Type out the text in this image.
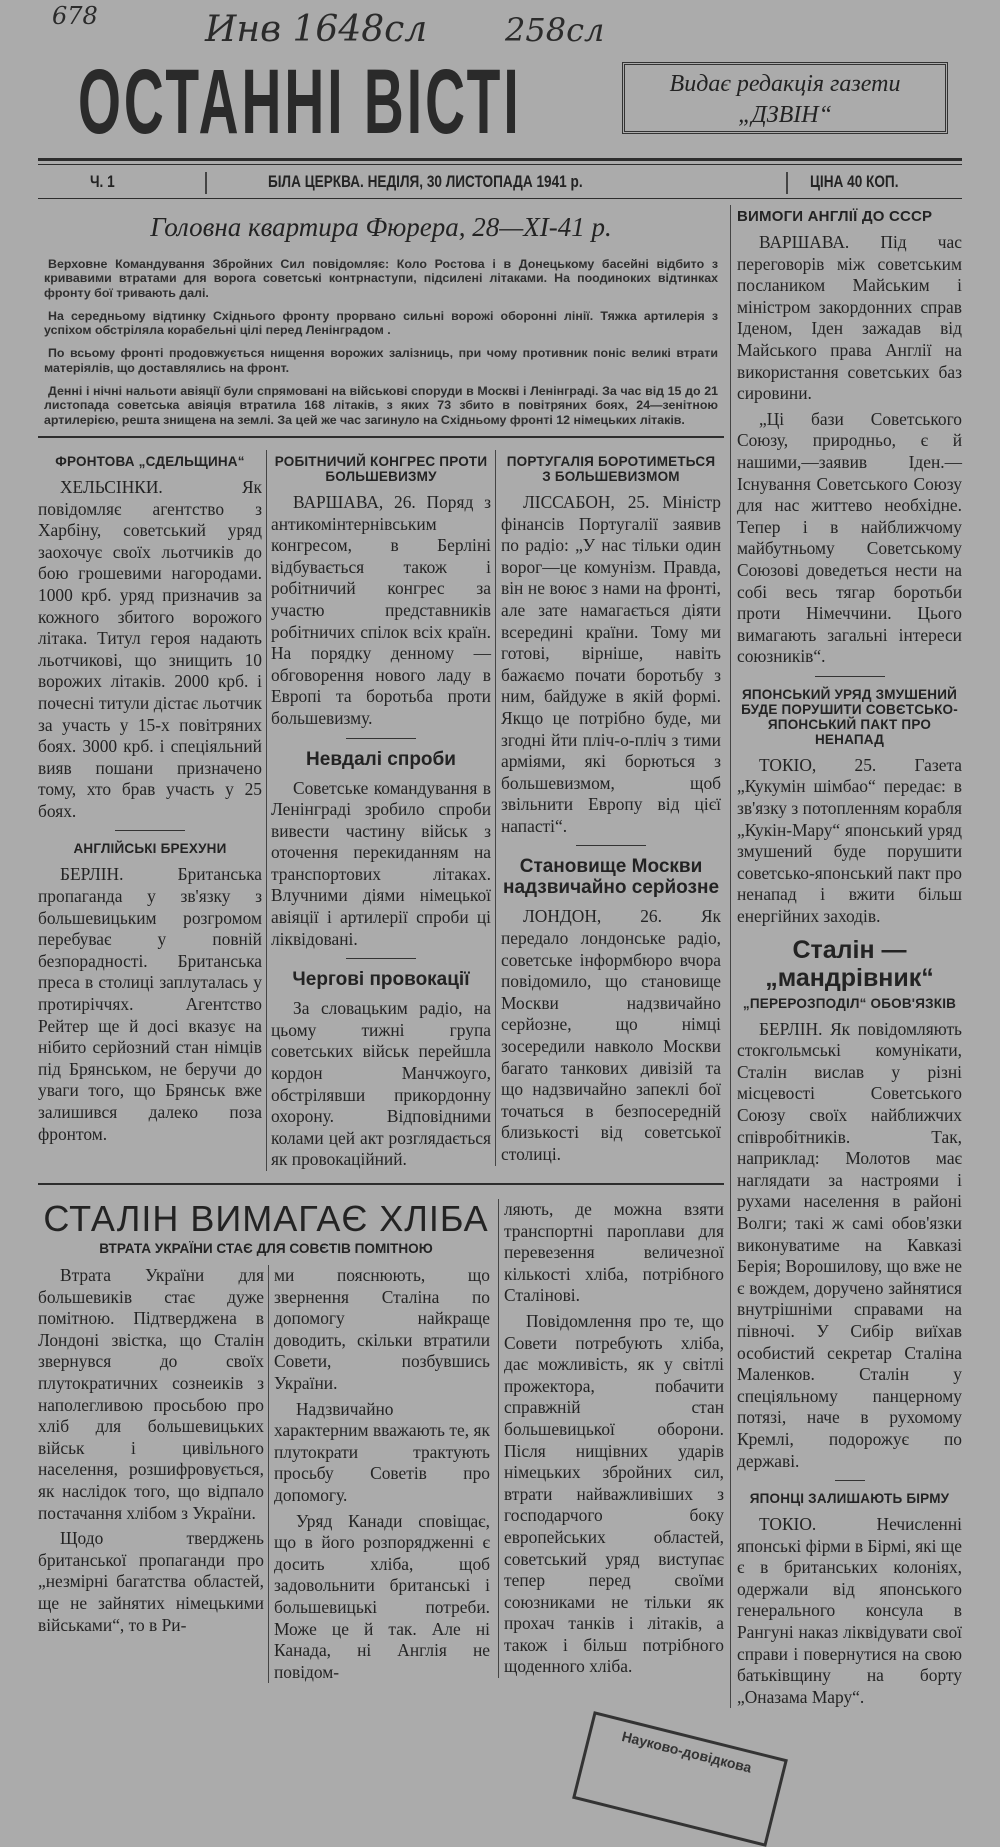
678	Инв 1648сл 258сл
ОСТАННІ ВІСТІ	Видає редакція газети
„ДЗВІН“
Ч. 1	БІЛА ЦЕРКВА. НЕДІЛЯ, 30 ЛИСТОПАДА 1941 р.	ЦІНА 40 КОП.
Головна квартира Фюрера, 28—XI-41 р.

Верховне Командування Збройних Сил повідомляє: Коло Ростова і в Донецькому басейні відбито з кривавими втратами для ворога советські контрнаступи, підсилені літаками. На поодиноких відтинках фронту бої тривають далі.

На середньому відтинку Східнього фронту прорвано сильні ворожі оборонні лінії. Тяжка артилерія з успіхом обстріляла корабельні цілі перед Ленінградом .

По всьому фронті продовжується нищення ворожих залізниць, при чому противник поніс великі втрати матеріялів, що доставлялись на фронт.

Денні і нічні нальоти авіяції були спрямовані на військові споруди в Москві і Ленінграді. За час від 15 до 21 листопада советська авіяція втратила 168 літаків, з яких 73 збито в повітряних боях, 24—зенітною артилерією, решта знищена на землі. За цей же час загинуло на Східньому фронті 12 німецьких літаків.

ФРОНТОВА „СДЕЛЬЩИНА“

ХЕЛЬСІНКИ. Як повідомляє агентство з Харбіну, советський уряд заохочує своїх льотчиків до бою грошевими нагородами. 1000 крб. уряд призначив за кожного збитого ворожого літака. Титул героя надають льотчикові, що знищить 10 ворожих літаків. 2000 крб. і почесні титули дістає льотчик за участь у 15-х повітряних боях. 3000 крб. і спеціяльний вияв пошани призначено тому, хто брав участь у 25 боях.

АНГЛІЙСЬКІ БРЕХУНИ

БЕРЛІН. Британська пропаганда у зв'язку з большевицьким розгромом перебуває у повній безпорадності. Британська преса в столиці заплуталась у протиріччях. Агентство Рейтер ще й досі вказує на нібито серйозний стан німців під Брянськом, не беручи до уваги того, що Брянськ вже залишився далеко поза фронтом.

РОБІТНИЧИЙ КОНГРЕС ПРОТИ БОЛЬШЕВИЗМУ

ВАРШАВА, 26. Поряд з антикомінтернівським конгресом, в Берліні відбувається також і робітничий конгрес за участю представників робітничих спілок всіх країн. На порядку денному — обговорення нового ладу в Европі та боротьба проти большевизму.

Невдалі спроби

Советське командування в Ленінграді зробило спроби вивести частину військ з оточення перекиданням на транспортових літаках. Влучними діями німецької авіяції і артилерії спроби ці ліквідовані.

Чергові провокації

За словацьким радіо, на цьому тижні група советських військ перейшла кордон Манчжоуго, обстрілявши прикордонну охорону. Відповідними колами цей акт розглядається як провокаційний.

ПОРТУГАЛІЯ БОРОТИМЕТЬСЯ З БОЛЬШЕВИЗМОМ

ЛІССАБОН, 25. Міністр фінансів Португалії заявив по радіо: „У нас тільки один ворог—це комунізм. Правда, він не воює з нами на фронті, але зате намагається діяти всередині країни. Тому ми готові, вірніше, навіть бажаємо почати боротьбу з ним, байдуже в якій формі. Якщо це потрібно буде, ми згодні йти пліч-о-пліч з тими арміями, які борються з большевизмом, щоб звільнити Европу від цієї напасті“.

Становище Москви надзвичайно серйозне

ЛОНДОН, 26. Як передало лондонське радіо, советське інформбюро вчора повідомило, що становище Москви надзвичайно серйозне, що німці зосередили навколо Москви багато танкових дивізій та що надзвичайно запеклі бої точаться в безпосередній близькості від советської столиці.

СТАЛІН ВИМАГАЄ ХЛІБА
ВТРАТА УКРАЇНИ СТАЄ ДЛЯ СОВЄТІВ ПОМІТНОЮ

Втрата України для большевиків стає дуже помітною. Підтверджена в Лондоні звістка, що Сталін звернувся до своїх плутократичних сознеиків з наполегливою просьбою про хліб для большевицьких військ і цивільного населення, розшифровується, як наслідок того, що відпало постачання хлібом з України.

Щодо тверджень британської пропаганди про „незмірні багатства областей, ще не зайнятих німецькими військами“, то в Ри-

ми пояснюють, що звернення Сталіна по допомогу найкраще доводить, скільки втратили Совети, позбувшись України.

Надзвичайно характерним вважають те, як плутократи трактують просьбу Советів про допомогу.

Уряд Канади сповіщає, що в його розпорядженні є досить хліба, щоб задовольнити британські і большевицькі потреби. Може це й так. Але ні Канада, ні Англія не повідом-

ляють, де можна взяти транспортні пароплави для перевезення величезної кількості хліба, потрібного Сталінові.

Повідомлення про те, що Совети потребують хліба, дає можливість, як у світлі прожектора, побачити справжній стан большевицької оборони. Після нищівних ударів німецьких збройних сил, втрати найважливіших з господарчого боку европейських областей, советський уряд виступає тепер перед своїми союзниками не тільки як прохач танків і літаків, а також і більш потрібного щоденного хліба.

ВИМОГИ АНГЛІЇ ДО СССР

ВАРШАВА. Під час переговорів між советським послаником Майським і міністром закордонних справ Іденом, Іден зажадав від Майського права Англії на використання советських баз сировини.

„Ці бази Советського Союзу, природньо, є й нашими,—заявив Іден.—Існування Советського Союзу для нас життево необхідне. Тепер і в найближчому майбутньому Советському Союзові доведеться нести на собі весь тягар боротьби проти Німеччини. Цього вимагають загальні інтереси союзників“.

ЯПОНСЬКИЙ УРЯД ЗМУШЕНИЙ БУДЕ ПОРУШИТИ СОВЄТСЬКО-ЯПОНСЬКИЙ ПАКТ ПРО НЕНАПАД

ТОКІО, 25. Газета „Кукумін шімбао“ передає: в зв'язку з потопленням корабля „Кукін-Мару“ японський уряд змушений буде порушити советсько-японський пакт про ненапад і вжити більш енергійних заходів.

Сталін — „мандрівник“
„ПЕРЕРОЗПОДІЛ“ ОБОВ'ЯЗКІВ

БЕРЛІН. Як повідомляють стокгольмські комунікати, Сталін вислав у різні місцевості Советського Союзу своїх найближчих співробітників. Так, наприклад: Молотов має наглядати за настроями і рухами населення в районі Волги; такі ж самі обов'язки виконуватиме на Кавказі Берія; Ворошилову, що вже не є вождем, доручено зайнятися внутрішніми справами на півночі. У Сибір виїхав особистий секретар Сталіна Маленков. Сталін у спеціяльному панцерному потязі, наче в рухомому Кремлі, подорожує по державі.

ЯПОНЦІ ЗАЛИШАЮТЬ БІРМУ

ТОКІО. Нечисленні японські фірми в Бірмі, які ще є в британських колоніях, одержали від японського генерального консула в Рангуні наказ ліквідувати свої справи і повернутися на свою батьківщину на борту „Оназама Мару“.

Науково-довідкова
